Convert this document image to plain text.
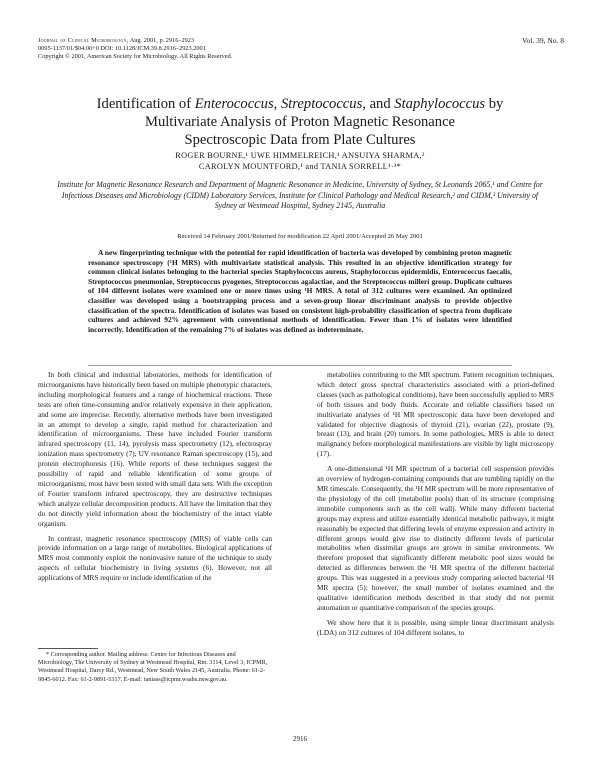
Journal of Clinical Microbiology, Aug. 2001, p. 2916–2923
0095-1137/01/$04.00+0 DOI: 10.1128/JCM.39.8.2916–2923.2001
Copyright © 2001, American Society for Microbiology. All Rights Reserved.
Vol. 39, No. 8
Identification of Enterococcus, Streptococcus, and Staphylococcus by
Multivariate Analysis of Proton Magnetic Resonance
Spectroscopic Data from Plate Cultures
ROGER BOURNE,¹ UWE HIMMELREICH,¹ ANSUIYA SHARMA,²
CAROLYN MOUNTFORD,¹ and TANIA SORRELL¹·³*
Institute for Magnetic Resonance Research and Department of Magnetic Resonance in Medicine, University of Sydney, St Leonards 2065,¹ and Centre for Infectious Diseases and Microbiology (CIDM) Laboratory Services, Institute for Clinical Pathology and Medical Research,² and CIDM,³ University of Sydney at Westmead Hospital, Sydney 2145, Australia
Received 14 February 2001/Returned for modification 22 April 2001/Accepted 26 May 2001
A new fingerprinting technique with the potential for rapid identification of bacteria was developed by combining proton magnetic resonance spectroscopy (¹H MRS) with multivariate statistical analysis. This resulted in an objective identification strategy for common clinical isolates belonging to the bacterial species Staphylococcus aureus, Staphylococcus epidermidis, Enterococcus faecalis, Streptococcus pneumoniae, Streptococcus pyogenes, Streptococcus agalactiae, and the Streptococcus milleri group. Duplicate cultures of 104 different isolates were examined one or more times using ¹H MRS. A total of 312 cultures were examined. An optimized classifier was developed using a bootstrapping process and a seven-group linear discriminant analysis to provide objective classification of the spectra. Identification of isolates was based on consistent high-probability classification of spectra from duplicate cultures and achieved 92% agreement with conventional methods of identification. Fewer than 1% of isolates were identified incorrectly. Identification of the remaining 7% of isolates was defined as indeterminate.

In both clinical and industrial laboratories, methods for identification of microorganisms have historically been based on multiple phenotypic characters, including morphological features and a range of biochemical reactions. These tests are often time-consuming and/or relatively expensive in their application, and some are imprecise. Recently, alternative methods have been investigated in an attempt to develop a single, rapid method for characterization and identification of microorganisms. These have included Fourier transform infrared spectroscopy (11, 14), pyrolysis mass spectrometry (12), electrospray ionization mass spectrometry (7), UV resonance Raman spectroscopy (15), and protein electrophoresis (16). While reports of these techniques suggest the possibility of rapid and reliable identification of some groups of microorganisms, most have been tested with small data sets. With the exception of Fourier transform infrared spectroscopy, they are destructive techniques which analyze cellular decomposition products. All have the limitation that they do not directly yield information about the biochemistry of the intact viable organism.

In contrast, magnetic resonance spectroscopy (MRS) of viable cells can provide information on a large range of metabolites. Biological applications of MRS most commonly exploit the noninvasive nature of the technique to study aspects of cellular biochemistry in living systems (6). However, not all applications of MRS require or include identification of the

metabolites contributing to the MR spectrum. Pattern recognition techniques, which detect gross spectral characteristics associated with a priori-defined classes (such as pathological conditions), have been successfully applied to MRS of both tissues and body fluids. Accurate and reliable classifiers based on multivariate analyses of ¹H MR spectroscopic data have been developed and validated for objective diagnosis of thyroid (21), ovarian (22), prostate (9), breast (13), and brain (20) tumors. In some pathologies, MRS is able to detect malignancy before morphological manifestations are visible by light microscopy (17).

A one-dimensional ¹H MR spectrum of a bacterial cell suspension provides an overview of hydrogen-containing compounds that are tumbling rapidly on the MR timescale. Consequently, the ¹H MR spectrum will be more representative of the physiology of the cell (metabolite pools) than of its structure (comprising immobile components such as the cell wall). While many different bacterial groups may express and utilize essentially identical metabolic pathways, it might reasonably be expected that differing levels of enzyme expression and activity in different groups would give rise to distinctly different levels of particular metabolites when dissimilar groups are grown in similar environments. We therefore proposed that significantly different metabolic pool sizes would be detected as differences between the ¹H MR spectra of the different bacterial groups. This was suggested in a previous study comparing selected bacterial ¹H MR spectra (5); however, the small number of isolates examined and the qualitative identification methods described in that study did not permit automation or quantitative comparison of the species groups.

We show here that it is possible, using simple linear discriminant analysis (LDA) on 312 cultures of 104 different isolates, to

* Corresponding author. Mailing address: Centre for Infectious Diseases and Microbiology, The University of Sydney at Westmead Hospital, Rm. 3114, Level 3, ICPMR, Westmead Hospital, Darcy Rd., Westmead, New South Wales 2145, Australia. Phone: 61-2-9845-6012. Fax: 61-2-9891-5317. E-mail: taniass@icpmr.wsahs.nsw.gov.au.
2916
